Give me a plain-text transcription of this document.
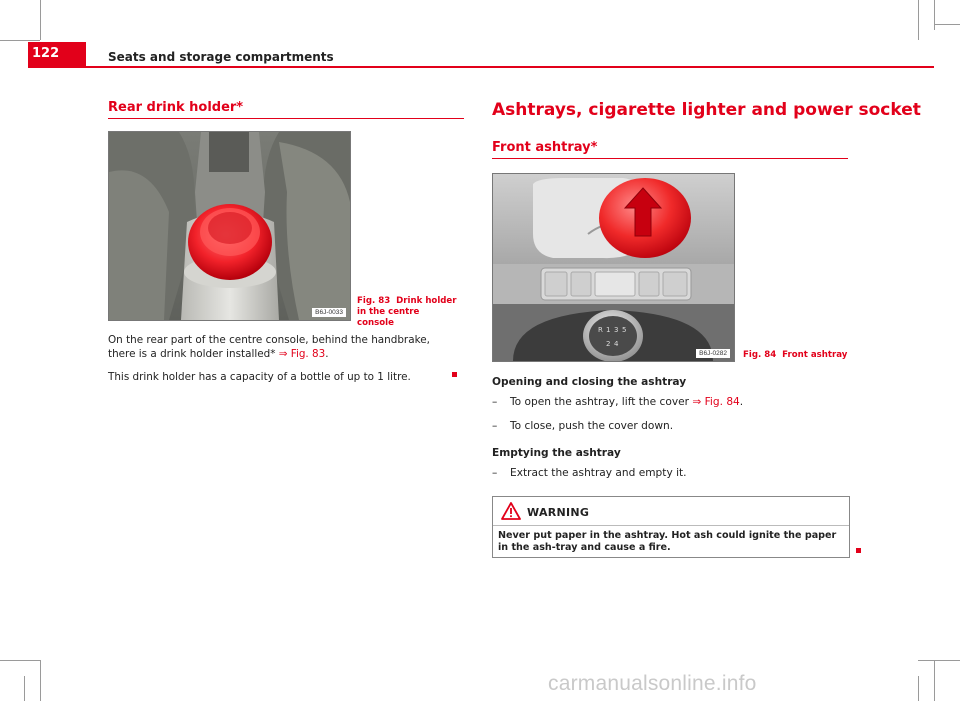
122	Seats and storage compartments
Rear drink holder*
B6J-0033
Fig. 83 Drink holder in the centre console
On the rear part of the centre console, behind the handbrake, there is a drink holder installed* ⇒ Fig. 83.
This drink holder has a capacity of a bottle of up to 1 litre.
Ashtrays, cigarette lighter and power socket
Front ashtray*
R 1 3 5
2 4
B6J-0282	Fig. 84 Front ashtray
Opening and closing the ashtray
– To open the ashtray, lift the cover ⇒ Fig. 84.
– To close, push the cover down.
Emptying the ashtray
– Extract the ashtray and empty it.
WARNING
Never put paper in the ashtray. Hot ash could ignite the paper in the ash-tray and cause a fire.
carmanualsonline.info
